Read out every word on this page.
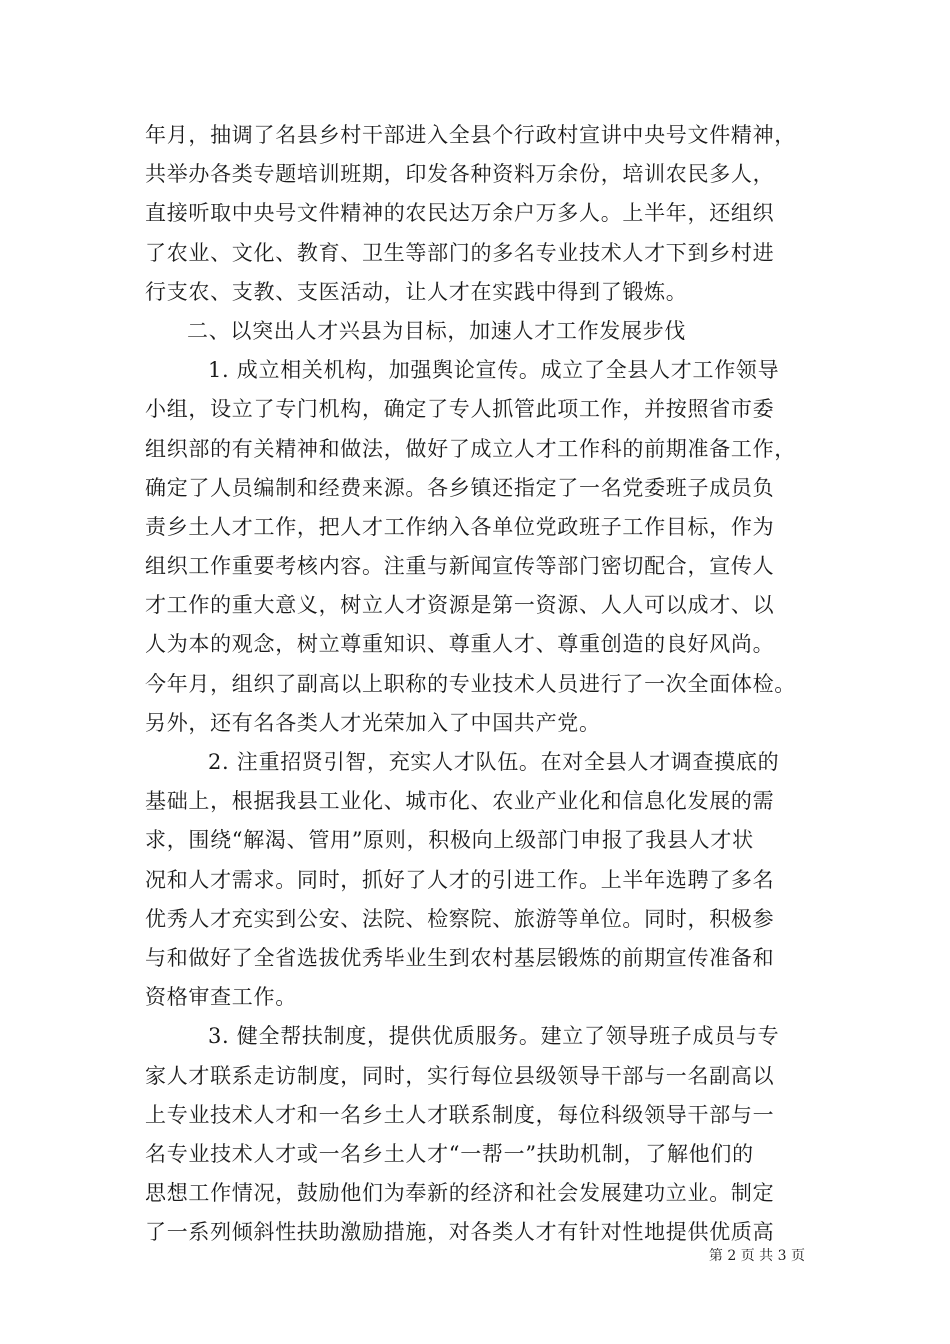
年月，抽调了名县乡村干部进入全县个行政村宣讲中央号文件精神，
共举办各类专题培训班期，印发各种资料万余份，培训农民多人，
直接听取中央号文件精神的农民达万余户万多人。上半年，还组织
了农业、文化、教育、卫生等部门的多名专业技术人才下到乡村进
行支农、支教、支医活动，让人才在实践中得到了锻炼。
二、以突出人才兴县为目标，加速人才工作发展步伐
1. 成立相关机构，加强舆论宣传。成立了全县人才工作领导
小组，设立了专门机构，确定了专人抓管此项工作，并按照省市委
组织部的有关精神和做法，做好了成立人才工作科的前期准备工作，
确定了人员编制和经费来源。各乡镇还指定了一名党委班子成员负
责乡土人才工作，把人才工作纳入各单位党政班子工作目标，作为
组织工作重要考核内容。注重与新闻宣传等部门密切配合，宣传人
才工作的重大意义，树立人才资源是第一资源、人人可以成才、以
人为本的观念，树立尊重知识、尊重人才、尊重创造的良好风尚。
今年月，组织了副高以上职称的专业技术人员进行了一次全面体检。
另外，还有名各类人才光荣加入了中国共产党。
2. 注重招贤引智，充实人才队伍。在对全县人才调查摸底的
基础上，根据我县工业化、城市化、农业产业化和信息化发展的需
求，围绕“解渴、管用”原则，积极向上级部门申报了我县人才状
况和人才需求。同时，抓好了人才的引进工作。上半年选聘了多名
优秀人才充实到公安、法院、检察院、旅游等单位。同时，积极参
与和做好了全省选拔优秀毕业生到农村基层锻炼的前期宣传准备和
资格审查工作。
3. 健全帮扶制度，提供优质服务。建立了领导班子成员与专
家人才联系走访制度，同时，实行每位县级领导干部与一名副高以
上专业技术人才和一名乡土人才联系制度，每位科级领导干部与一
名专业技术人才或一名乡土人才“一帮一”扶助机制，了解他们的
思想工作情况，鼓励他们为奉新的经济和社会发展建功立业。制定
了一系列倾斜性扶助激励措施，对各类人才有针对性地提供优质高
第 2 页 共 3 页
